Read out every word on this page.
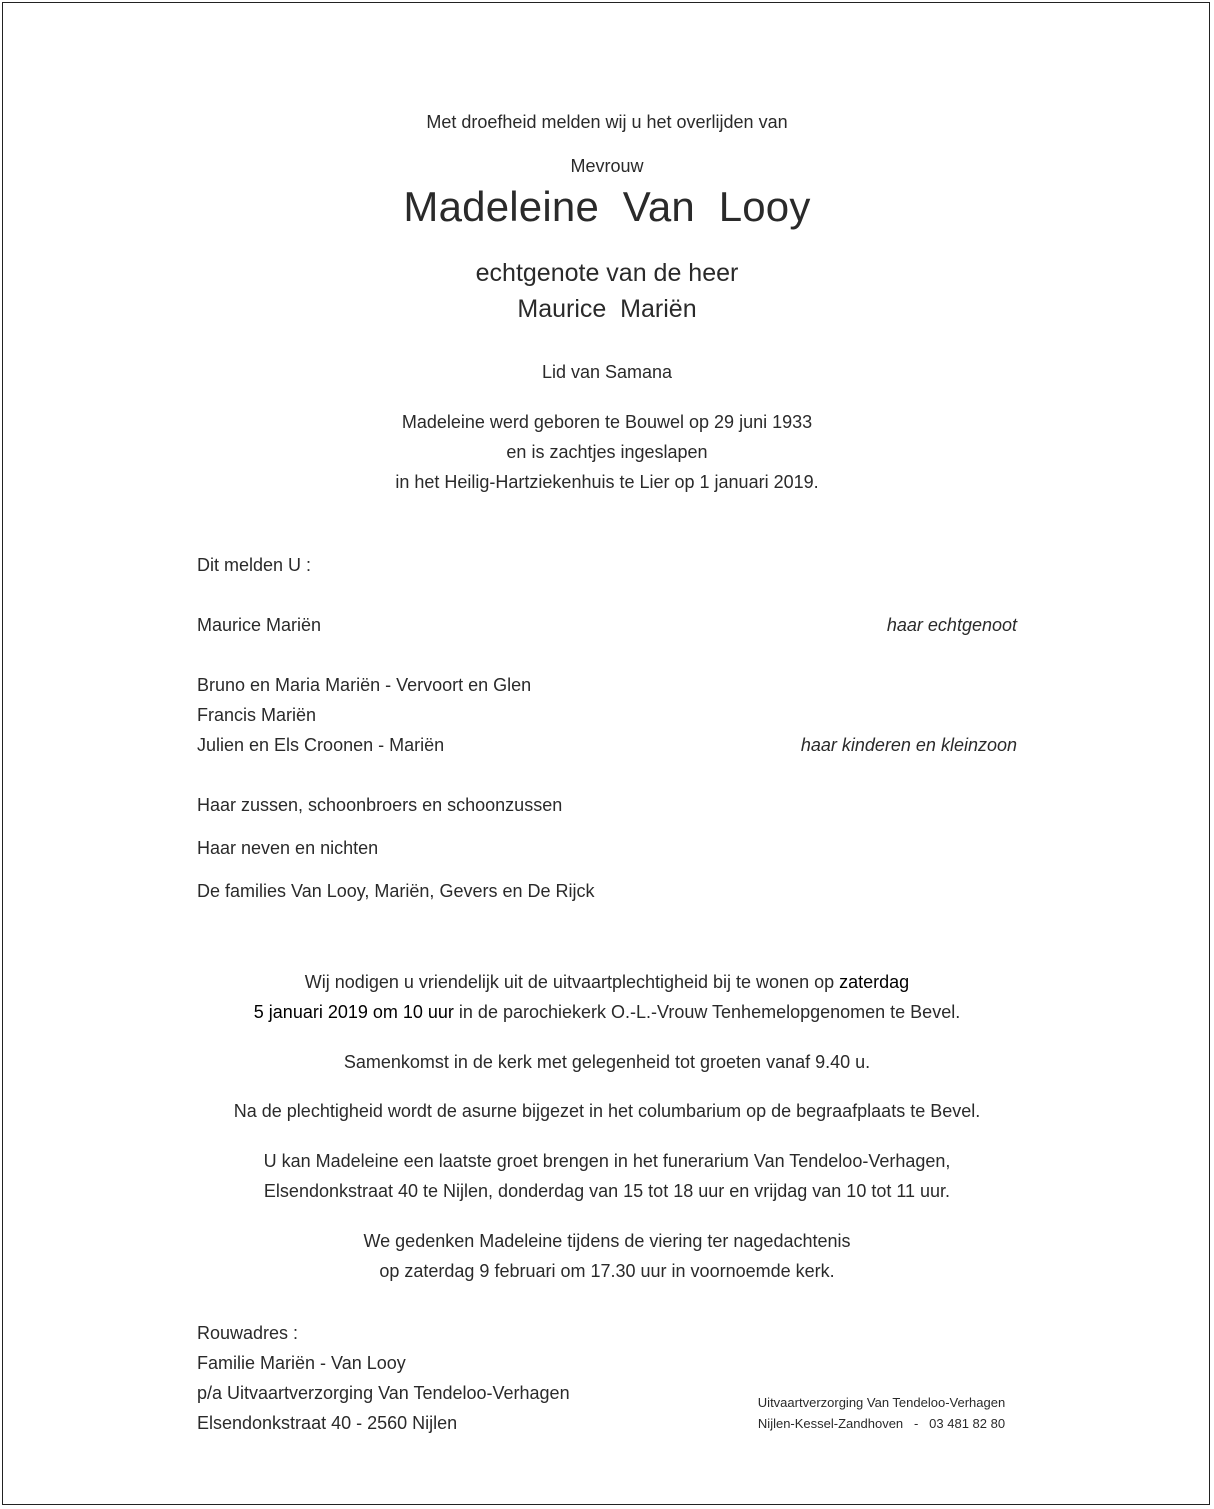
Met droefheid melden wij u het overlijden van
Mevrouw
Madeleine  Van  Looy
echtgenote van de heer
Maurice  Mariën
Lid van Samana
Madeleine werd geboren te Bouwel op 29 juni 1933
en is zachtjes ingeslapen
in het Heilig-Hartziekenhuis te Lier op 1 januari 2019.
Dit melden U :
Maurice Mariën	haar echtgenoot
Bruno en Maria Mariën - Vervoort en Glen
Francis Mariën
Julien en Els Croonen - Mariën	haar kinderen en kleinzoon
Haar zussen, schoonbroers en schoonzussen
Haar neven en nichten
De families Van Looy, Mariën, Gevers en De Rijck
Wij nodigen u vriendelijk uit de uitvaartplechtigheid bij te wonen op zaterdag
5 januari 2019 om 10 uur in de parochiekerk O.-L.-Vrouw Tenhemelopgenomen te Bevel.
Samenkomst in de kerk met gelegenheid tot groeten vanaf 9.40 u.
Na de plechtigheid wordt de asurne bijgezet in het columbarium op de begraafplaats te Bevel.
U kan Madeleine een laatste groet brengen in het funerarium Van Tendeloo-Verhagen,
Elsendonkstraat 40 te Nijlen, donderdag van 15 tot 18 uur en vrijdag van 10 tot 11 uur.
We gedenken Madeleine tijdens de viering ter nagedachtenis
op zaterdag 9 februari om 17.30 uur in voornoemde kerk.
Rouwadres :
Familie Mariën - Van Looy
p/a Uitvaartverzorging Van Tendeloo-Verhagen
Elsendonkstraat 40 - 2560 Nijlen
Uitvaartverzorging Van Tendeloo-Verhagen
Nijlen-Kessel-Zandhoven   -   03 481 82 80
